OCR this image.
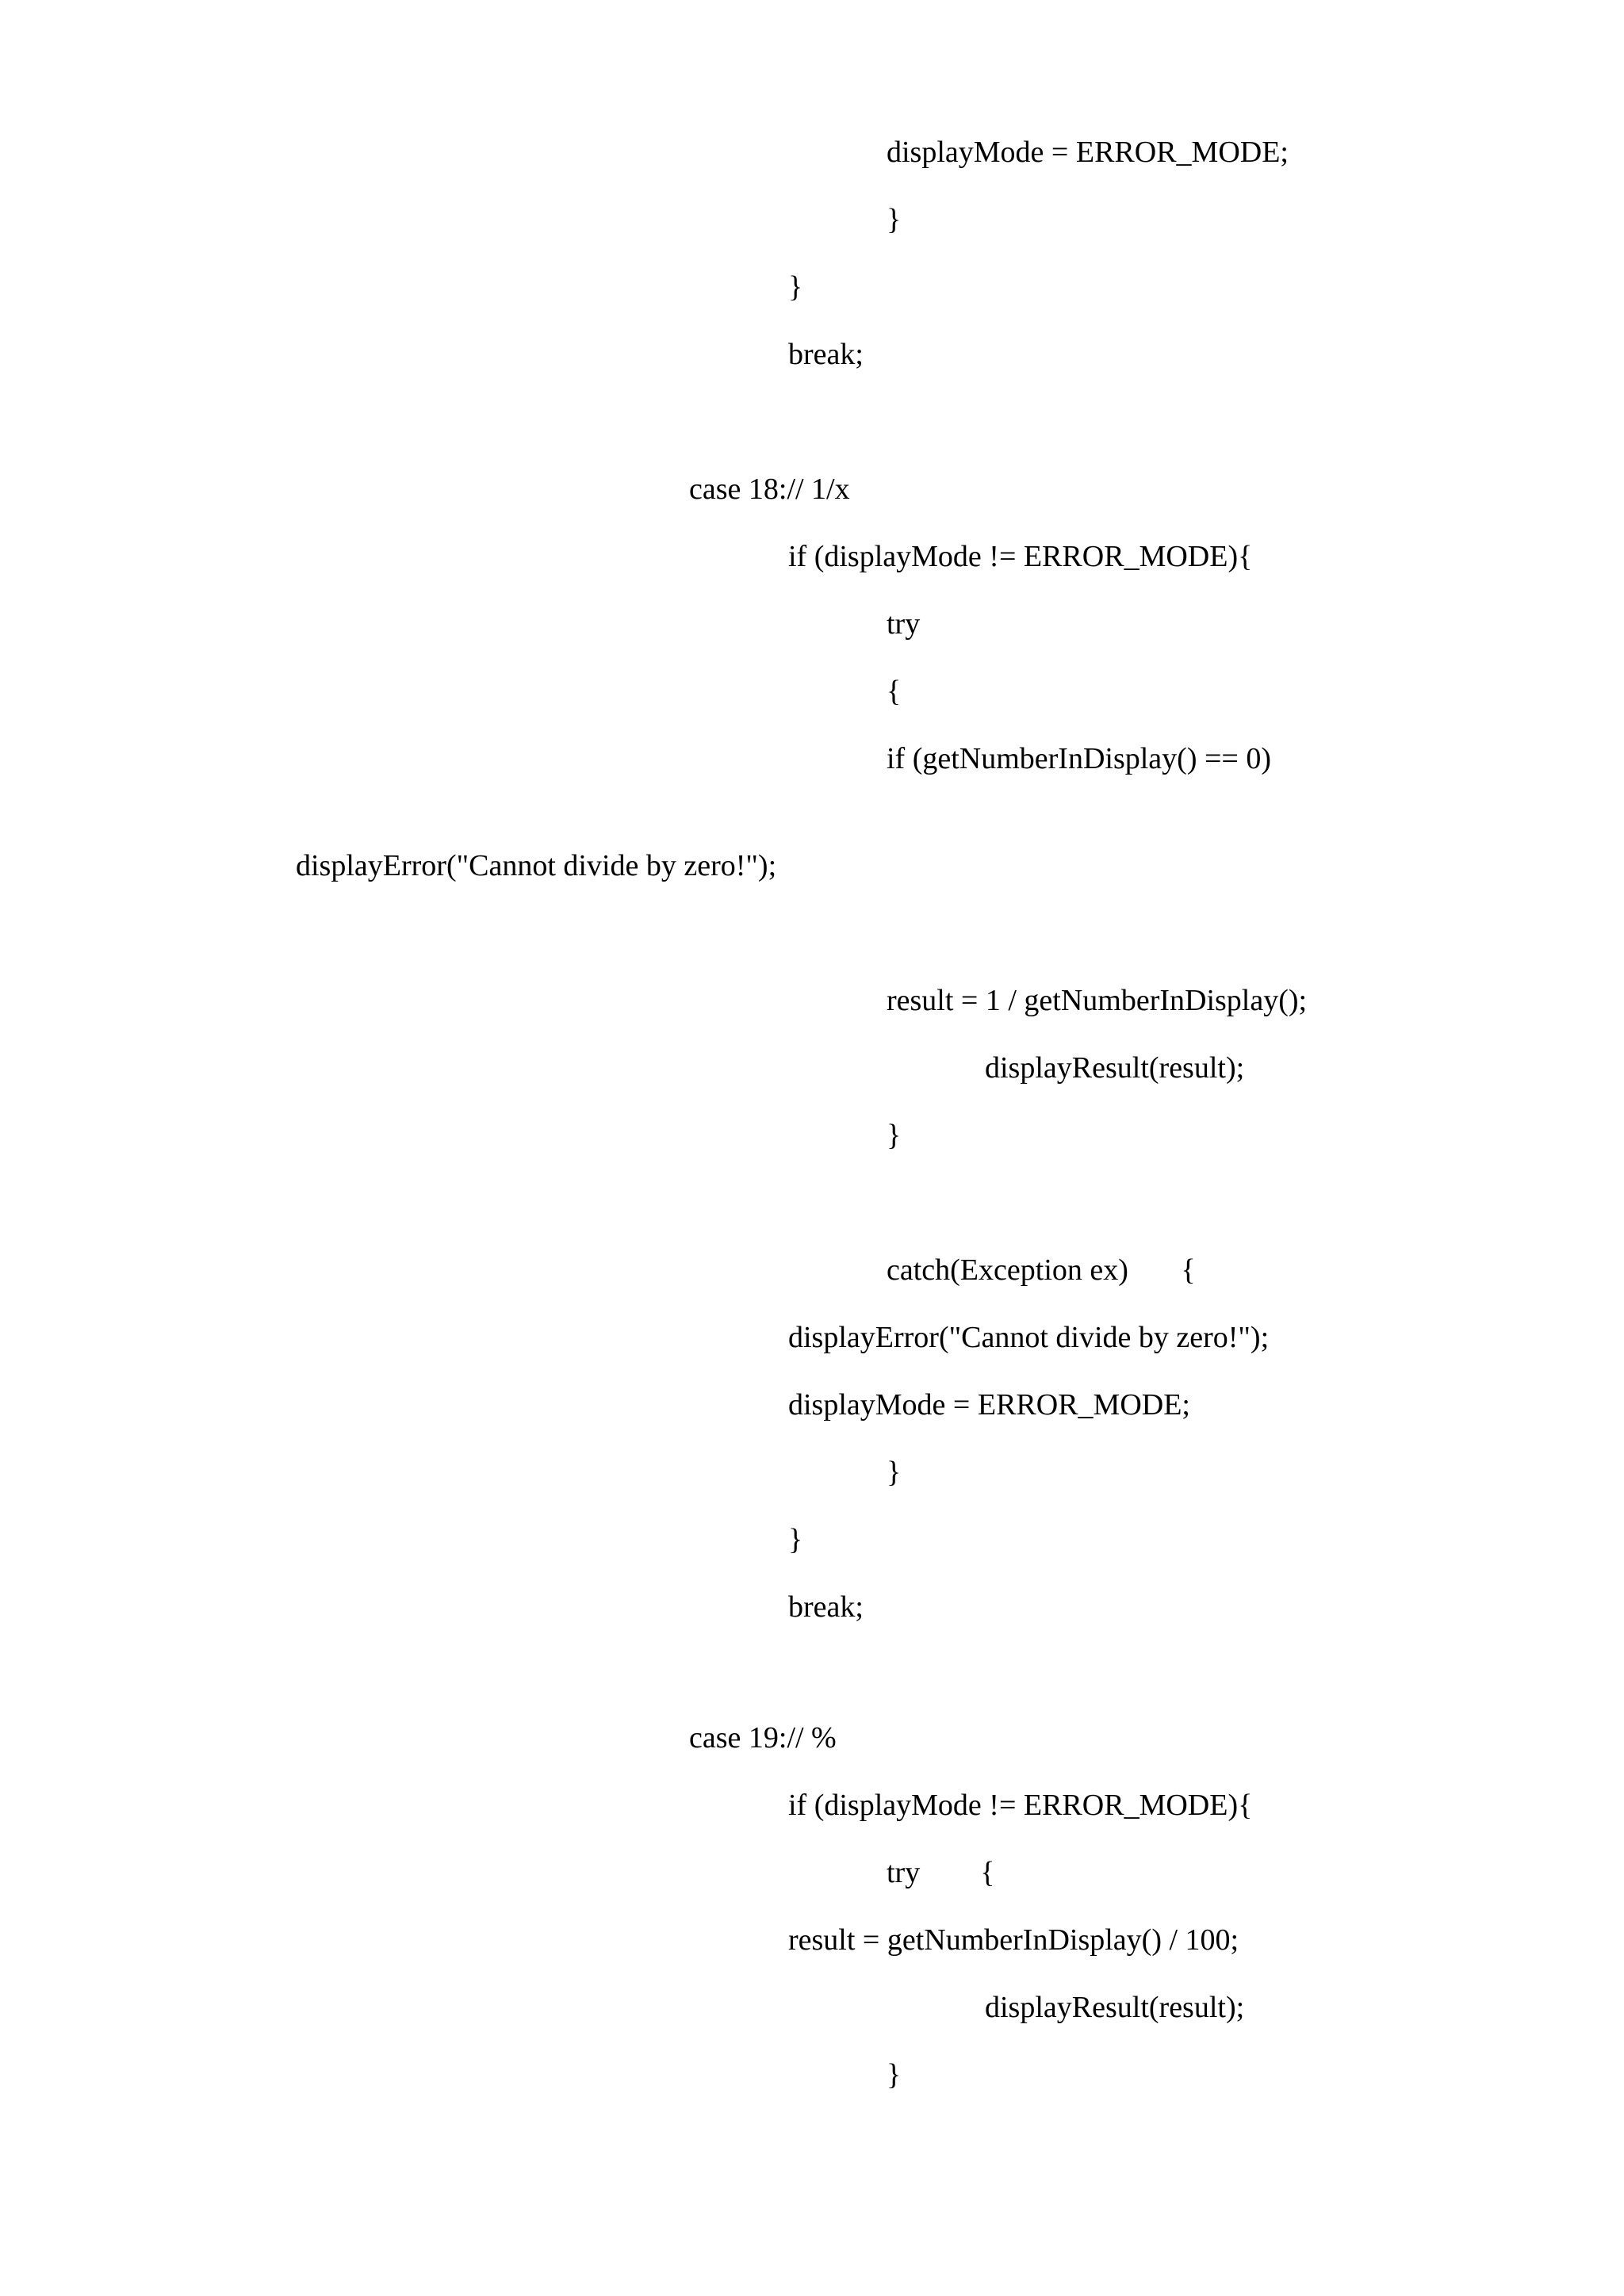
displayMode = ERROR_MODE;
}
}
break;
case 18:// 1/x
if (displayMode != ERROR_MODE){
try
{
if (getNumberInDisplay() == 0)
displayError("Cannot divide by zero!");
result = 1 / getNumberInDisplay();
displayResult(result);
}
catch(Exception ex)       {
displayError("Cannot divide by zero!");
displayMode = ERROR_MODE;
}
}
break;
case 19:// %
if (displayMode != ERROR_MODE){
try        {
result = getNumberInDisplay() / 100;
displayResult(result);
}
